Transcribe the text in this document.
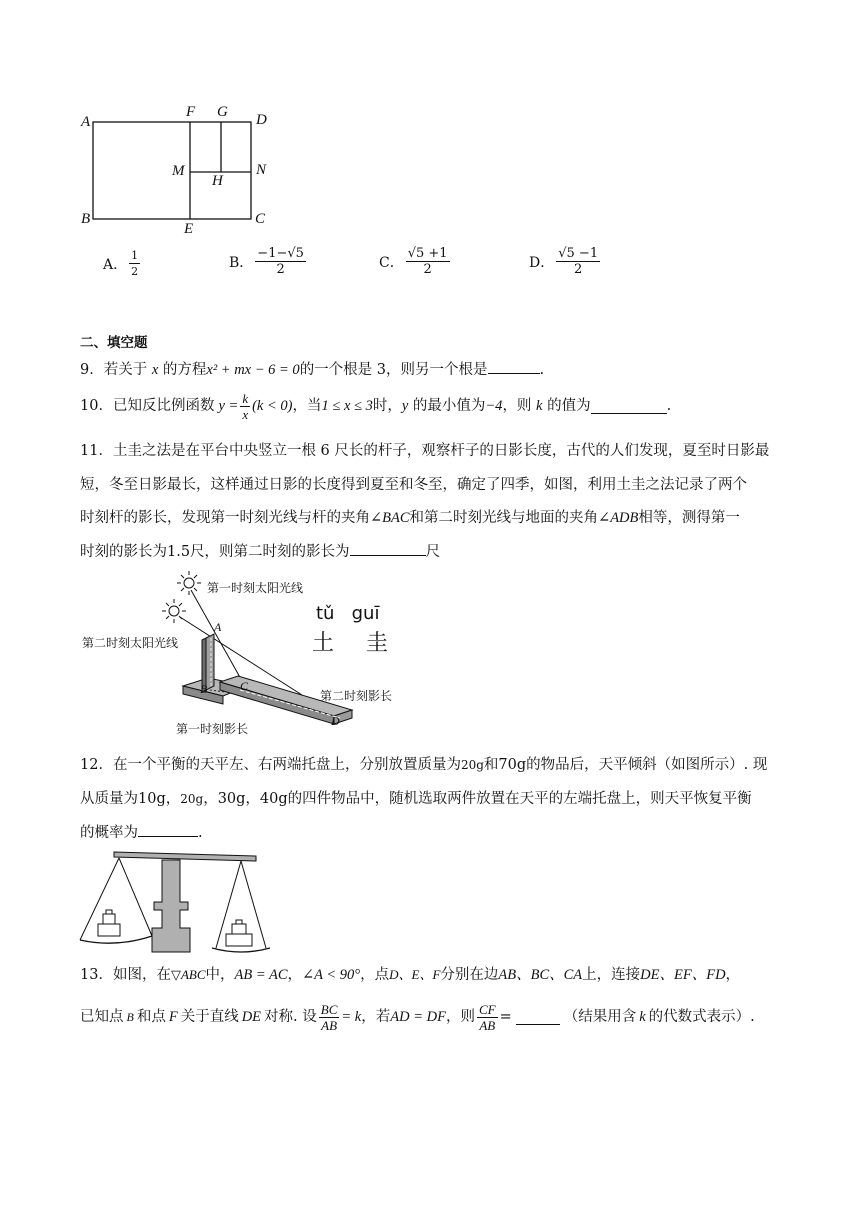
A
F G D
M
H
N
B
E
C
A． $\frac{1}{2}$	B． $\frac{-1-√5}{2}$	C． $\frac{√5 +1}{2}$	D． $\frac{√5 -1}{2}$
二、填空题
9．若关于 x 的方程x² + mx − 6 = 0的一个根是 3，则另一个根是	.
10． 已知反比例函数 $y = \frac{k}{x} (k < 0)$ ，当 1 ≤ x ≤ 3 时， y
的最小值为 −4 ，则
k
的值为	.
11．土圭之法是在平台中央竖立一根 6 尺长的杆子，观察杆子的日影长度，古代的人们发现，夏至时日影最
短，冬至日影最长，这样通过日影的长度得到夏至和冬至，确定了四季，如图，利用土圭之法记录了两个
时刻杆的影长，发现第一时刻光线与杆的夹角∠BAC和第二时刻光线与地面的夹角∠ADB相等，测得第一
时刻的影长为1.5尺，则第二时刻的影长为	尺
第一时刻太阳光线
第二时刻太阳光线
tǔ   guī
土  圭
第二时刻影长
第一时刻影长
A
B	C
D
12．在一个平衡的天平左、右两端托盘上，分别放置质量为20g和70g的物品后，天平倾斜（如图所示）. 现
从质量为10g，20g，30g，40g的四件物品中，随机选取两件放置在天平的左端托盘上，则天平恢复平衡
的概率为	.
13．如图，在▽ABC中，AB = AC，∠A < 90°，点D、E、F分别在边AB、BC、CA上，连接DE、EF、FD，
已知点 B 和点 F 关于直线 DE 对称. 设 $\frac{BC}{AB} = k$ ，若 AD = DF ，则 $\frac{CF}{AB}$ =	（结果用含 k 的代数式表示）.
